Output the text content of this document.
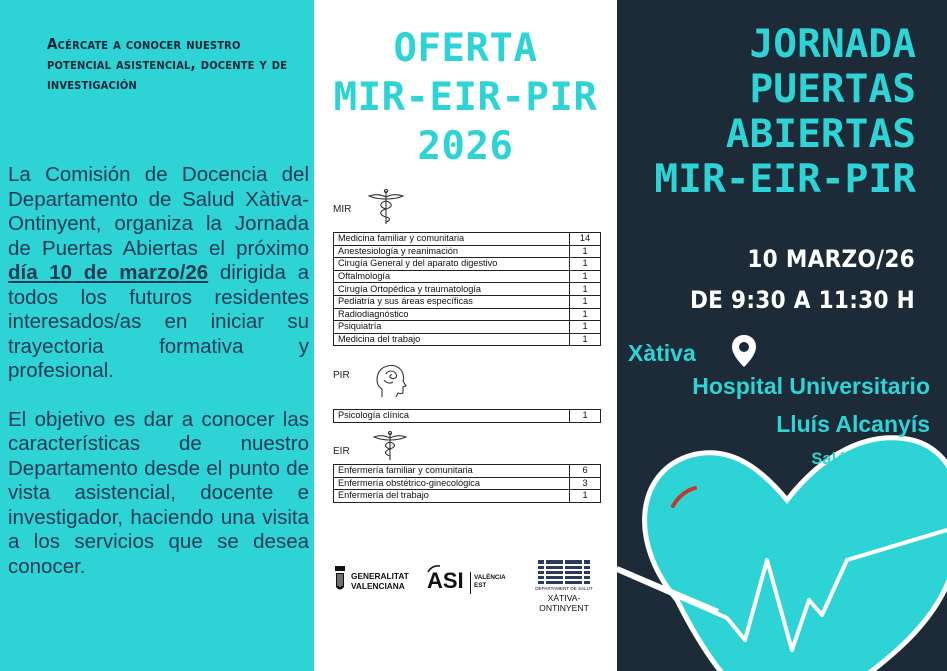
Acércate a conocer nuestro potencial asistencial, docente y de investigación

La Comisión de Docencia del Departamento de Salud Xàtiva-Ontinyent, organiza la Jornada de Puertas Abiertas el próximo día 10 de marzo/26 dirigida a todos los futuros residentes interesados/as en iniciar su trayectoria formativa y profesional.

El objetivo es dar a conocer las características de nuestro Departamento desde el punto de vista asistencial, docente e investigador, haciendo una visita a los servicios que se desea conocer.

OFERTA
MIR-EIR-PIR
2026
MIR
Medicina familiar y comunitaria	14
Anestesiología y reanimación	1
Cirugía General y del aparato digestivo	1
Oftalmología	1
Cirugía Ortopédica y traumatología	1
Pediatría y sus áreas específicas	1
Radiodiagnóstico	1
Psiquiatría	1
Medicina del trabajo	1
PIR
Psicología clínica	1
EIR
Enfermería familiar y comunitaria	6
Enfermería obstétrico-ginecológica	3
Enfermería del trabajo	1
GENERALITAT
VALENCIANA ASI VALÈNCIA
EST	DEPARTAMENT DE SALUT
XÀTIVA-ONTINYENT
JORNADA
PUERTAS
ABIERTAS
MIR-EIR-PIR
10 MARZO/26
DE 9:30 A 11:30 H
Xàtiva
Hospital Universitario
Lluís Alcanyís
Salón de Actos
Planta 1
